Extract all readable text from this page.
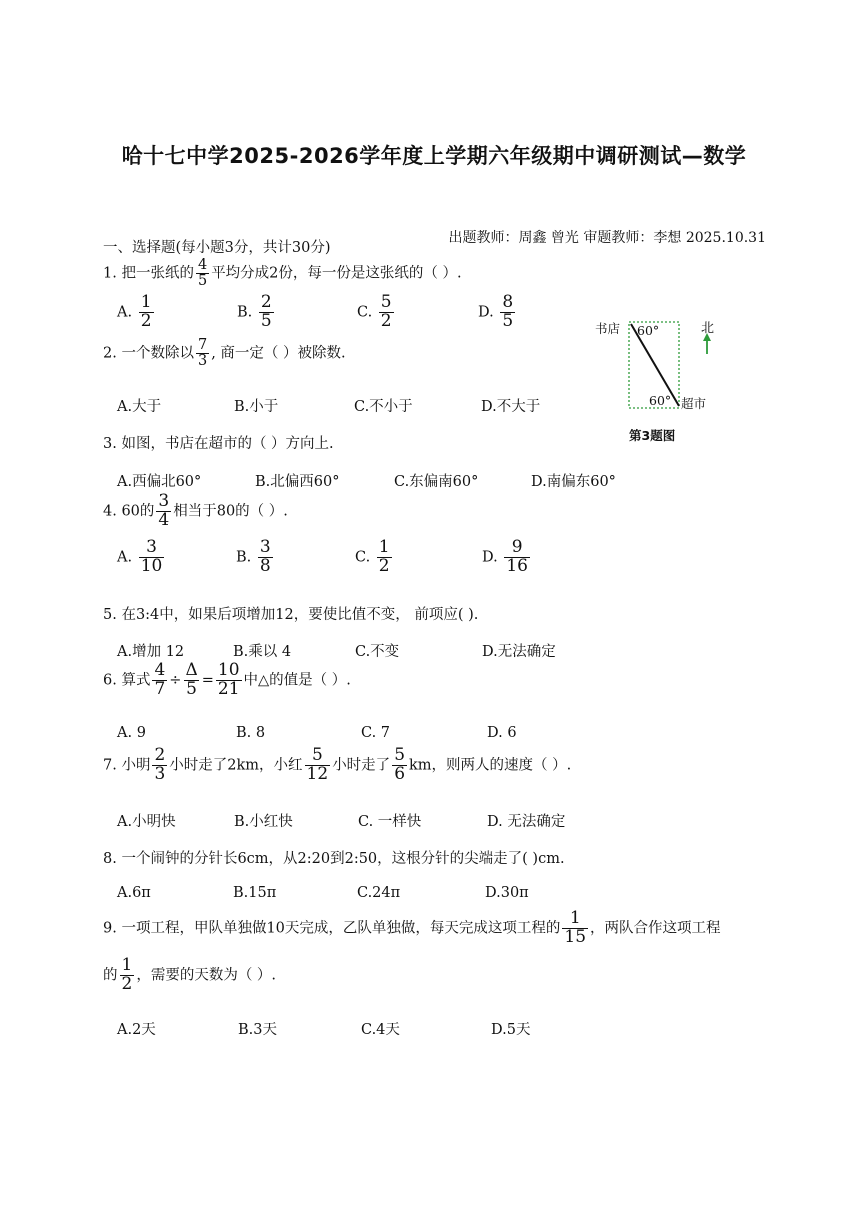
哈十七中学2025-2026学年度上学期六年级期中调研测试—数学
出题教师：周鑫 曾光 审题教师：李想 2025.10.31
一、选择题(每小题3分，共计30分)
1. 把一张纸的 $\frac{4}{5}$ 平均分成2份，每一份是这张纸的（ ）.
A. $\frac{1}{2}$	B. $\frac{2}{5}$	C. $\frac{5}{2}$	D. $\frac{8}{5}$
2. 一个数除以 $\frac{7}{3}$ , 商一定（ ）被除数.
A.大于	B.小于	C.不小于	D.不大于
书店 60°	北
60° 超市
第3题图
3. 如图，书店在超市的（ ）方向上.
A.西偏北60°	B.北偏西60°	C.东偏南60°	D.南偏东60°
4. 60的 $\frac{3}{4}$ 相当于80的（ ）.
A. $\frac{3}{10}$	B. $\frac{3}{8}$	C. $\frac{1}{2}$	D. $\frac{9}{16}$
5. 在3:4中，如果后项增加12，要使比值不变， 前项应( ).
A.增加 12	B.乘以 4	C.不变	D.无法确定
6. 算式 $\frac{4}{7} \div \frac{\Delta}{5} = \frac{10}{21}$ 中△的值是（ ）.
A. 9	B. 8	C. 7	D. 6
7. 小明 $\frac{2}{3}$ 小时走了2km，小红 $\frac{5}{12}$ 小时走了 $\frac{5}{6}$ km，则两人的速度（ ）.
A.小明快	B.小红快	C. 一样快	D. 无法确定
8. 一个闹钟的分针长6cm，从2:20到2:50，这根分针的尖端走了( )cm.
A.6π	B.15π	C.24π	D.30π
9. 一项工程，甲队单独做10天完成，乙队单独做，每天完成这项工程的 $\frac{1}{15}$ ，两队合作这项工程
的 $\frac{1}{2}$ ，需要的天数为（ ）.
A.2天	B.3天	C.4天	D.5天
